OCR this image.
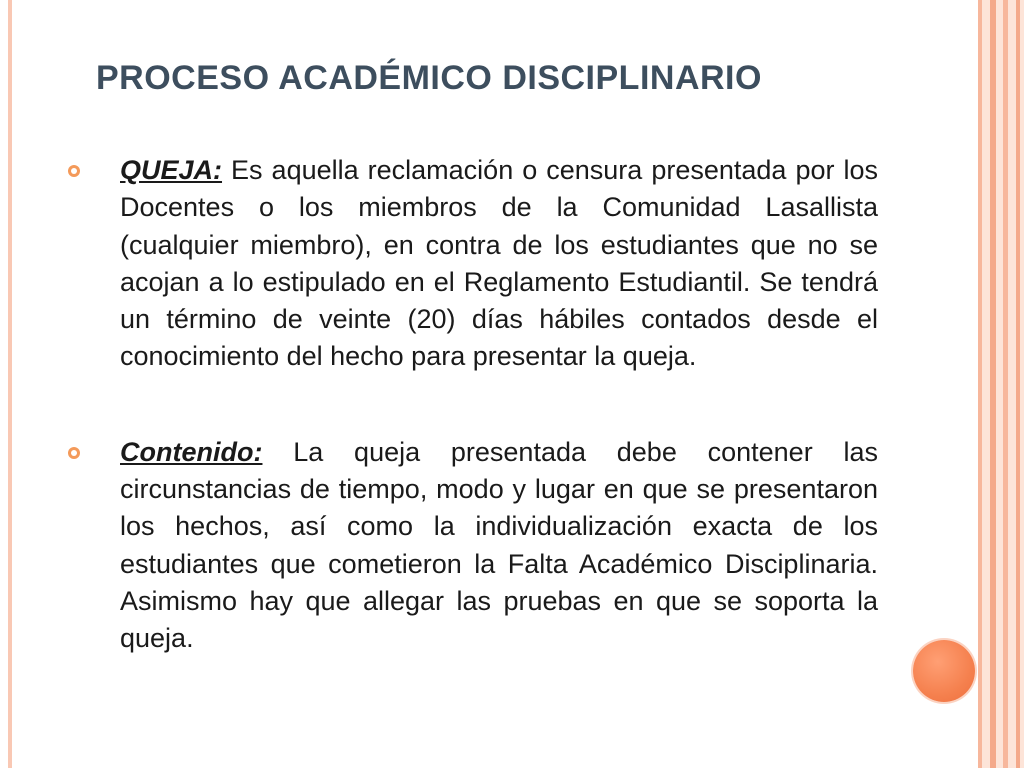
PROCESO ACADÉMICO DISCIPLINARIO
QUEJA: Es aquella reclamación o censura presentada por los Docentes o los miembros de la Comunidad Lasallista (cualquier miembro), en contra de los estudiantes que no se acojan a lo estipulado en el Reglamento Estudiantil. Se tendrá un término de veinte (20) días hábiles contados desde el conocimiento del hecho para presentar la queja.
Contenido: La queja presentada debe contener las circunstancias de tiempo, modo y lugar en que se presentaron los hechos, así como la individualización exacta de los estudiantes que cometieron la Falta Académico Disciplinaria. Asimismo hay que allegar las pruebas en que se soporta la queja.
